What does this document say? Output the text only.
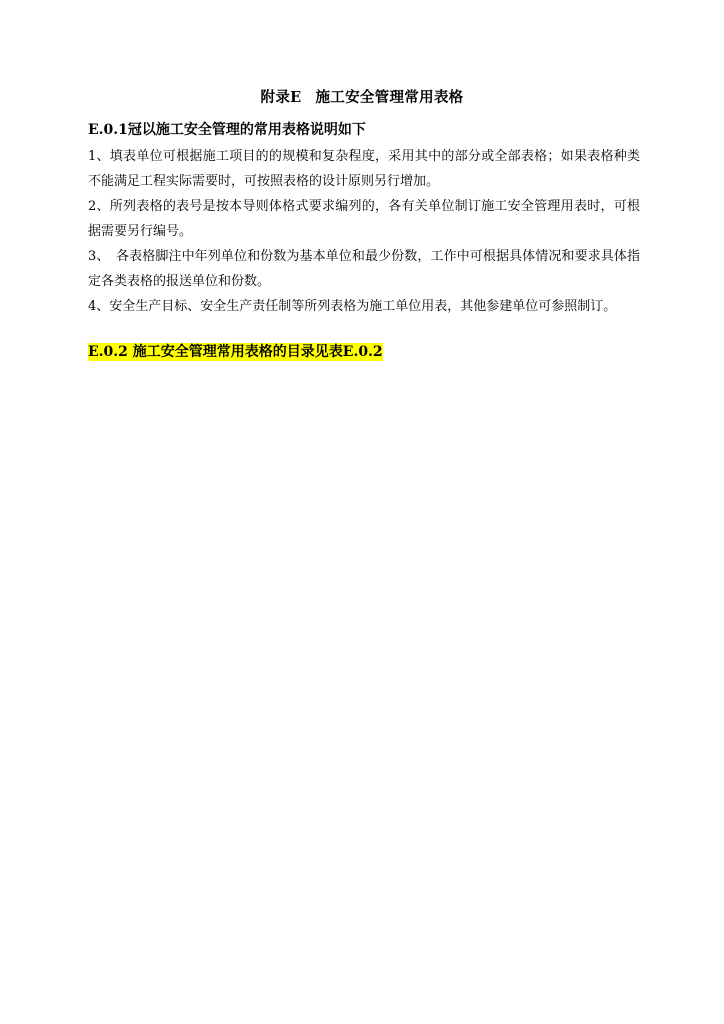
附录E 施工安全管理常用表格
E.0.1冠以施工安全管理的常用表格说明如下

1、填表单位可根据施工项目的的规模和复杂程度，采用其中的部分或全部表格；如果表格种类不能满足工程实际需要时，可按照表格的设计原则另行增加。

2、所列表格的表号是按本导则体格式要求编列的，各有关单位制订施工安全管理用表时，可根据需要另行编号。

3、　各表格脚注中年列单位和份数为基本单位和最少份数，工作中可根据具体情况和要求具体指定各类表格的报送单位和份数。

4、安全生产目标、安全生产责任制等所列表格为施工单位用表，其他参建单位可参照制订。

E.0.2 施工安全管理常用表格的目录见表E.0.2
